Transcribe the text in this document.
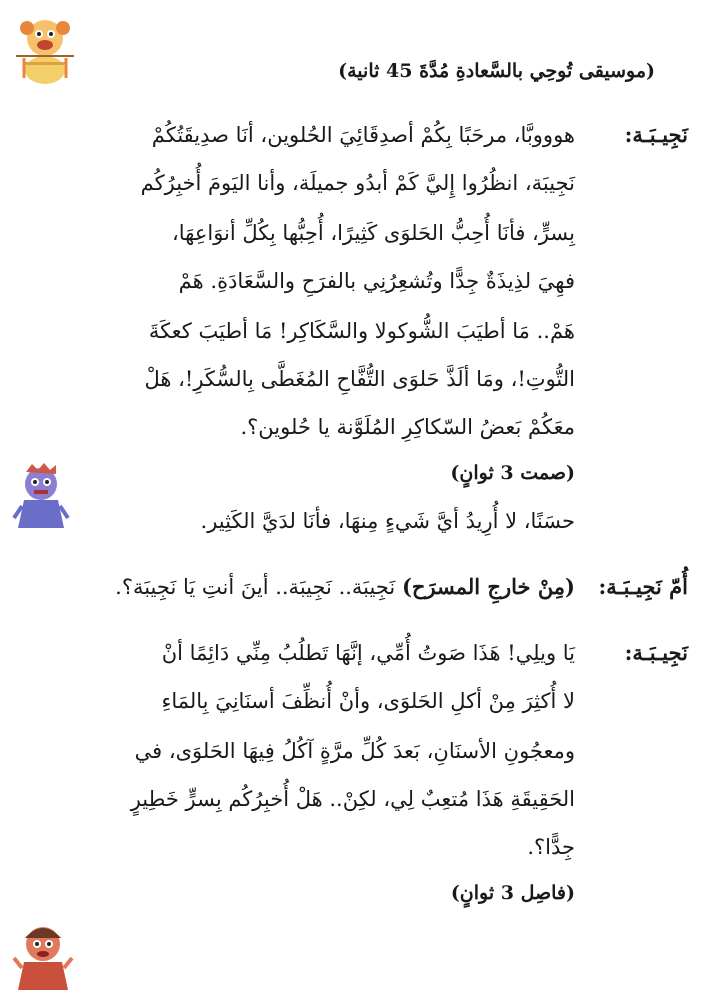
(موسيقى تُوحِي بالسَّعادةِ مُدَّةَ 45 ثانية)
نَجِيـبَـة:
هوووبَّا، مرحَبًا بِكُمْ أصدِقَائِيَ الحُلوين، أنَا صدِيقَتُكُمْ
نَجِيبَة، انظُرُوا إِليَّ كَمْ أبدُو جميلَة، وأنا اليَومَ أُخبِرُكُم
بِسرٍّ، فأنَا أُحِبُّ الحَلوَى كَثِيرًا، أُحِبُّها بِكُلِّ أنوَاعِهَا،
فهِيَ لذِيذَةٌ جِدًّا وتُشعِرُنِي بالفرَحِ والسَّعَادَةِ. هَمْ
هَمْ.. مَا أطيَبَ الشُّوكولا والسَّكَاكِر! مَا أطيَبَ كعكَةَ
التُّوتِ!، ومَا ألَذَّ حَلوَى التُّفَّاحِ المُغَطَّى بِالسُّكَرِ!، هَلْ
معَكُمْ بَعضُ السّكاكِرِ المُلَوَّنة يا حُلوين؟.
(صمت 3 ثوانٍ)
حسَنًا، لا أُرِيدُ أيَّ شَيءٍ مِنهَا، فأنَا لدَيَّ الكَثِير.
أُمّ نَجِيـبَـة:
(مِنْ خارجِ المسرَح) نَجِيبَة.. نَجِيبَة.. أينَ أنتِ يَا نَجِيبَة؟.
نَجِيـبَـة:
يَا ويلِي! هَذَا صَوتُ أُمِّي، إنَّهَا تَطلُبُ مِنِّي دَائِمًا أنْ
لا أُكثِرَ مِنْ أكلِ الحَلوَى، وأنْ أُنظِّفَ أسنَانِيَ بِالمَاءِ
ومعجُونِ الأسنَانِ، بَعدَ كُلِّ مرَّةٍ آكُلُ فِيهَا الحَلوَى، في
الحَقِيقَةِ هَذَا مُتعِبٌ لِي، لكِنْ.. هَلْ أُخبِرُكُم بِسرٍّ خَطِيرٍ
جِدًّا؟.
(فاصِل 3 ثوانٍ)
